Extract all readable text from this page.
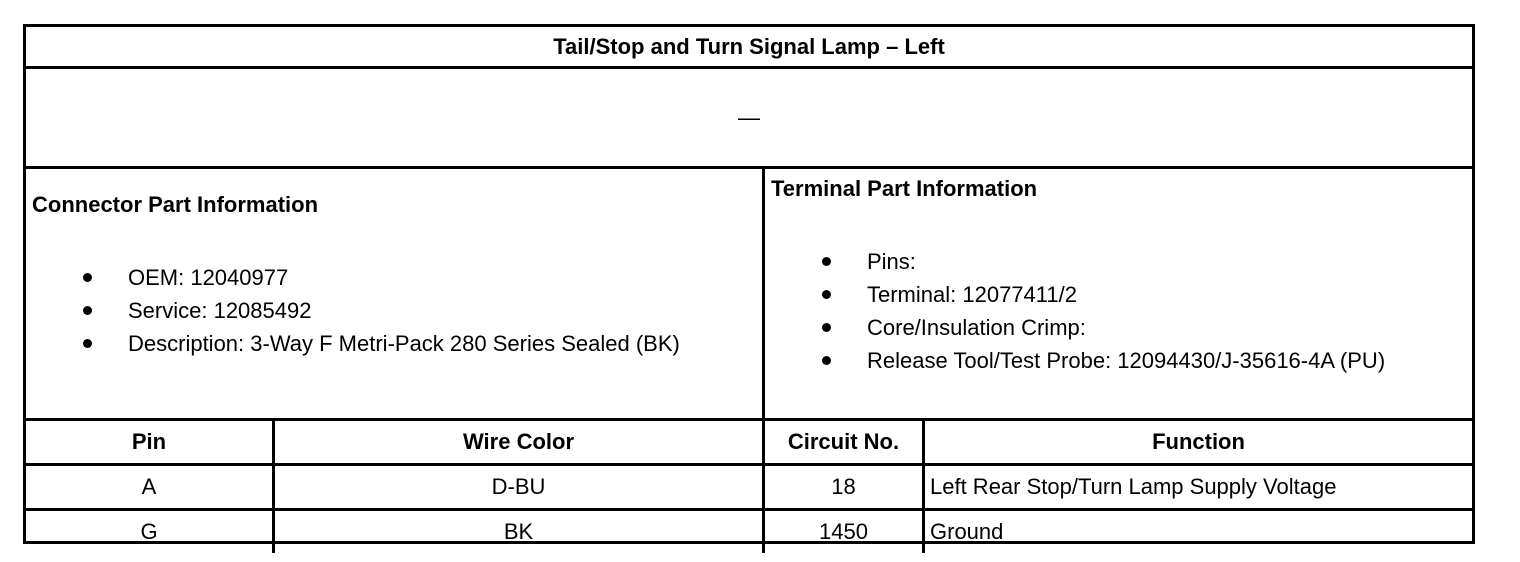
Tail/Stop and Turn Signal Lamp – Left
—
Connector Part Information
OEM: 12040977
Service: 12085492
Description: 3-Way F Metri-Pack 280 Series Sealed (BK)
Terminal Part Information
Pins:
Terminal: 12077411/2
Core/Insulation Crimp:
Release Tool/Test Probe: 12094430/J-35616-4A (PU)
Pin	Wire Color	Circuit No.	Function
A	D-BU	18	Left Rear Stop/Turn Lamp Supply Voltage
G	BK	1450	Ground
